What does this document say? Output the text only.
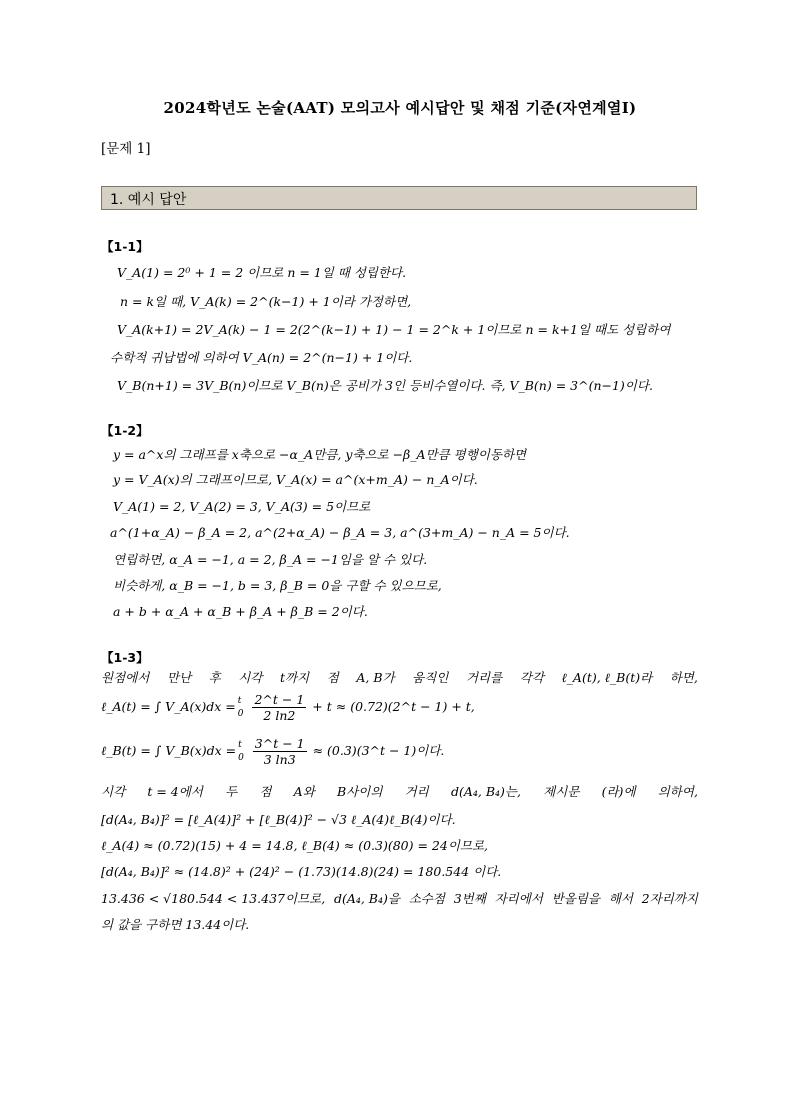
2024학년도 논술(AAT) 모의고사 예시답안 및 채점 기준(자연계열Ⅰ)
[문제 1]
1. 예시 답안
【1-1】
V_A(1) = 2⁰ + 1 = 2 이므로 n = 1일 때 성립한다.
n = k일 때, V_A(k) = 2^(k−1) + 1이라 가정하면,
V_A(k+1) = 2V_A(k) − 1 = 2(2^(k−1) + 1) − 1 = 2^k + 1이므로 n = k+1일 때도 성립하여
수학적 귀납법에 의하여 V_A(n) = 2^(n−1) + 1이다.
V_B(n+1) = 3V_B(n)이므로 V_B(n)은 공비가 3인 등비수열이다. 즉, V_B(n) = 3^(n−1)이다.
【1-2】
y = a^x의 그래프를 x축으로 −α_A만큼, y축으로 −β_A만큼 평행이동하면
y = V_A(x)의 그래프이므로, V_A(x) = a^(x+m_A) − n_A이다.
V_A(1) = 2, V_A(2) = 3, V_A(3) = 5이므로
a^(1+α_A) − β_A = 2, a^(2+α_A) − β_A = 3, a^(3+m_A) − n_A = 5이다.
연립하면, α_A = −1, a = 2, β_A = −1임을 알 수 있다.
비슷하게, α_B = −1, b = 3, β_B = 0을 구할 수 있으므로,
a + b + α_A + α_B + β_A + β_B = 2이다.
【1-3】
원점에서 만난 후 시각 t까지 점 A, B가 움직인 거리를 각각 ℓ_A(t), ℓ_B(t)라 하면,
ℓ_A(t) = ∫ V_A(x)dx = t
0
$\frac{2\^{}t - 1}{2 \ln 2} + t$ ≈ (0.72)(2^t − 1) + t,
ℓ_B(t) = ∫ V_B(x)dx = t
0
$\frac{3\^{}t - 1}{3 \ln 3}$ ≈ (0.3)(3^t − 1)이다.
시각 t = 4에서 두 점 A와 B사이의 거리 d(A₄, B₄)는, 제시문 (라)에 의하여,
[d(A₄, B₄)]² = [ℓ_A(4)]² + [ℓ_B(4)]² − √3 ℓ_A(4)ℓ_B(4)이다.
ℓ_A(4) ≈ (0.72)(15) + 4 = 14.8, ℓ_B(4) ≈ (0.3)(80) = 24이므로,
[d(A₄, B₄)]² ≈ (14.8)² + (24)² − (1.73)(14.8)(24) = 180.544 이다.
13.436 < √180.544 < 13.437이므로, d(A₄, B₄)을 소수점 3번째 자리에서 반올림을 해서 2자리까지
의 값을 구하면 13.44이다.
